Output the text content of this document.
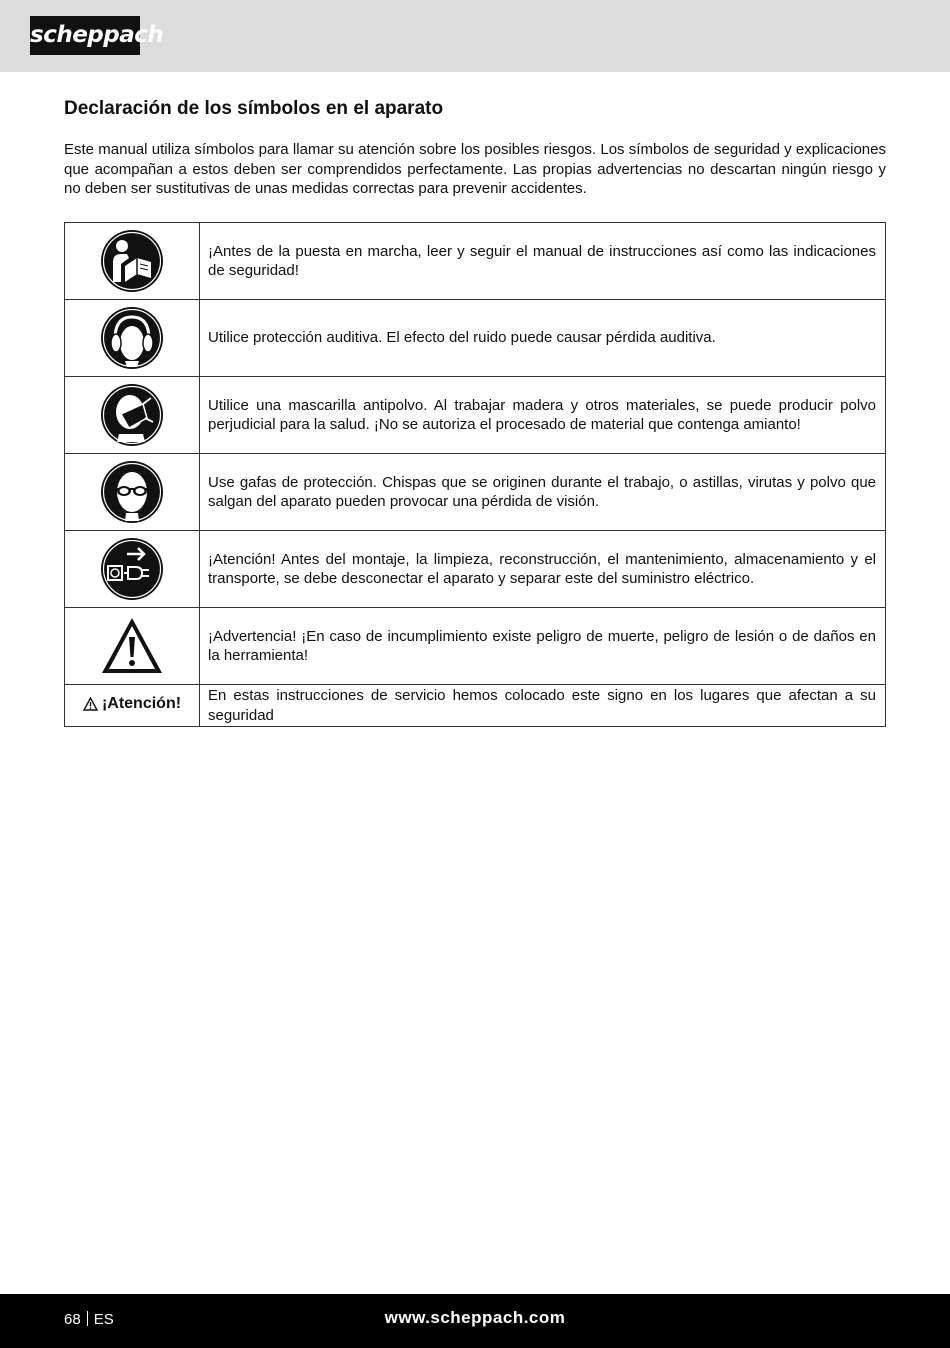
scheppach
Declaración de los símbolos en el aparato

Este manual utiliza símbolos para llamar su atención sobre los posibles riesgos. Los símbolos de seguridad y explicaciones que acompañan a estos deben ser comprendidos perfectamente. Las propias advertencias no descartan ningún riesgo y no deben ser sustitutivas de unas medidas correctas para prevenir accidentes.

	¡Antes de la puesta en marcha, leer y seguir el manual de instrucciones así como las indicaciones de seguridad!

	Utilice protección auditiva. El efecto del ruido puede causar pérdida auditiva.

	Utilice una mascarilla antipolvo. Al trabajar madera y otros materiales, se puede producir polvo perjudicial para la salud. ¡No se autoriza el procesado de material que contenga amianto!

	Use gafas de protección. Chispas que se originen durante el trabajo, o astillas, virutas y polvo que salgan del aparato pueden provocar una pérdida de visión.

	¡Atención! Antes del montaje, la limpieza, reconstrucción, el mantenimiento, almacenamiento y el transporte, se debe desconectar el aparato y separar este del suministro eléctrico.

	¡Advertencia! ¡En caso de incumplimiento existe peligro de muerte, peligro de lesión o de daños en la herramienta!

¡Atención!	En estas instrucciones de servicio hemos colocado este signo en los lugares que afectan a su seguridad
68 ES	www.scheppach.com
